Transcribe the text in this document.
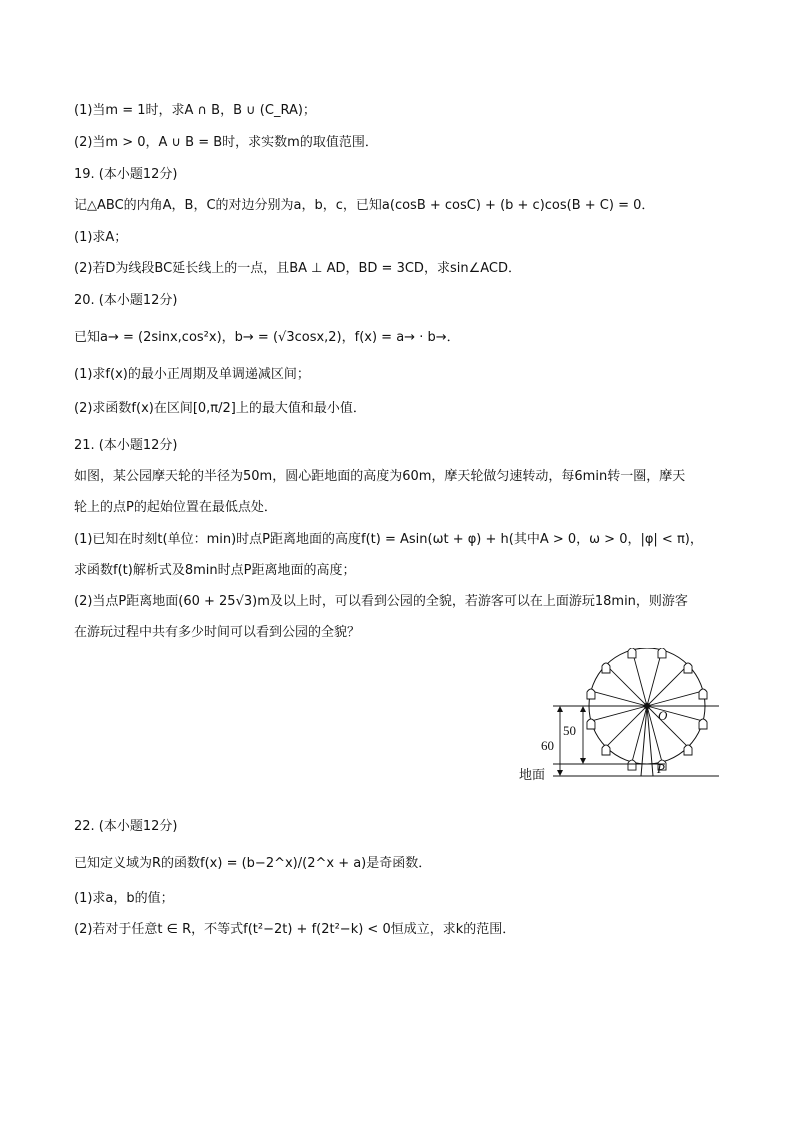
(1)当m = 1时，求A ∩ B，B ∪ (C_RA)；
(2)当m > 0，A ∪ B = B时，求实数m的取值范围．
19. (本小题12分)
记△ABC的内角A，B，C的对边分别为a，b，c，已知a(cosB + cosC) + (b + c)cos(B + C) = 0．
(1)求A；
(2)若D为线段BC延长线上的一点，且BA ⊥ AD，BD = 3CD，求sin∠ACD．
20. (本小题12分)
已知a→ = (2sinx,cos²x)，b→ = (√3cosx,2)，f(x) = a→ · b→．
(1)求f(x)的最小正周期及单调递减区间；
(2)求函数f(x)在区间[0,π/2]上的最大值和最小值．
21. (本小题12分)
如图，某公园摩天轮的半径为50m，圆心距地面的高度为60m，摩天轮做匀速转动，每6min转一圈，摩天
轮上的点P的起始位置在最低点处．
(1)已知在时刻t(单位：min)时点P距离地面的高度f(t) = Asin(ωt + φ) + h(其中A > 0，ω > 0，|φ| < π)，
求函数f(t)解析式及8min时点P距离地面的高度；
(2)当点P距离地面(60 + 25√3)m及以上时，可以看到公园的全貌，若游客可以在上面游玩18min，则游客
在游玩过程中共有多少时间可以看到公园的全貌？
50
60
O
P
地面
22. (本小题12分)
已知定义域为R的函数f(x) = (b−2^x)/(2^x + a)是奇函数．
(1)求a，b的值；
(2)若对于任意t ∈ R，不等式f(t²−2t) + f(2t²−k) < 0恒成立，求k的范围．
